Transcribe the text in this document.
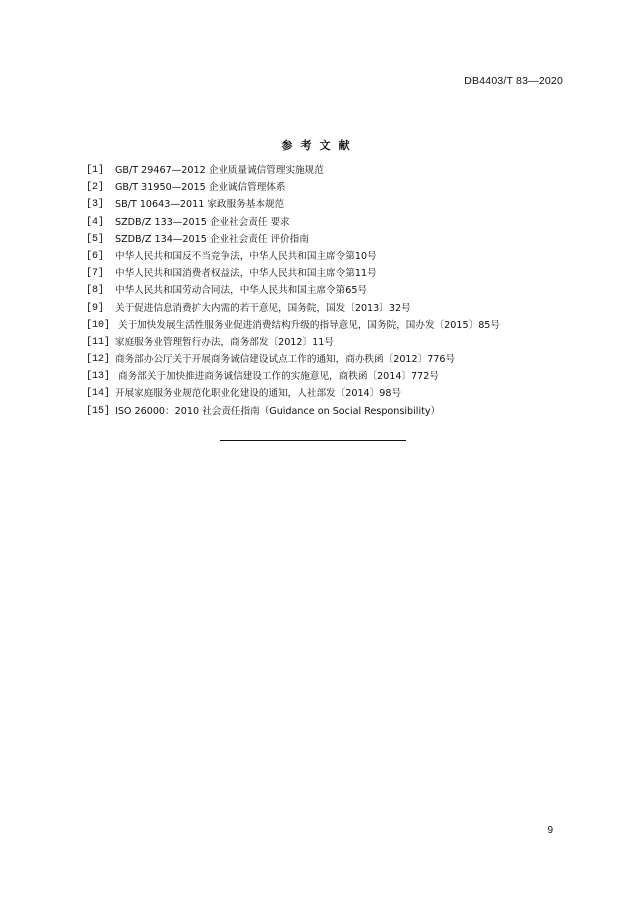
DB4403/T 83—2020
参考文献
[1]	GB/T 29467—2012 企业质量诚信管理实施规范
[2]	GB/T 31950—2015 企业诚信管理体系
[3]	SB/T 10643—2011 家政服务基本规范
[4]	SZDB/Z 133—2015 企业社会责任 要求
[5]	SZDB/Z 134—2015 企业社会责任 评价指南
[6]	中华人民共和国反不当竞争法，中华人民共和国主席令第10号
[7]	中华人民共和国消费者权益法，中华人民共和国主席令第11号
[8]	中华人民共和国劳动合同法，中华人民共和国主席令第65号
[9]	关于促进信息消费扩大内需的若干意见，国务院，国发〔2013〕32号
[10] 关于加快发展生活性服务业促进消费结构升级的指导意见，国务院，国办发〔2015〕85号
[11] 家庭服务业管理暂行办法，商务部发〔2012〕11号
[12] 商务部办公厅关于开展商务诚信建设试点工作的通知，商办秩函〔2012〕776号
[13] 商务部关于加快推进商务诚信建设工作的实施意见，商秩函〔2014〕772号
[14] 开展家庭服务业规范化职业化建设的通知，人社部发〔2014〕98号
[15] ISO 26000：2010 社会责任指南（Guidance on Social Responsibility）
9
